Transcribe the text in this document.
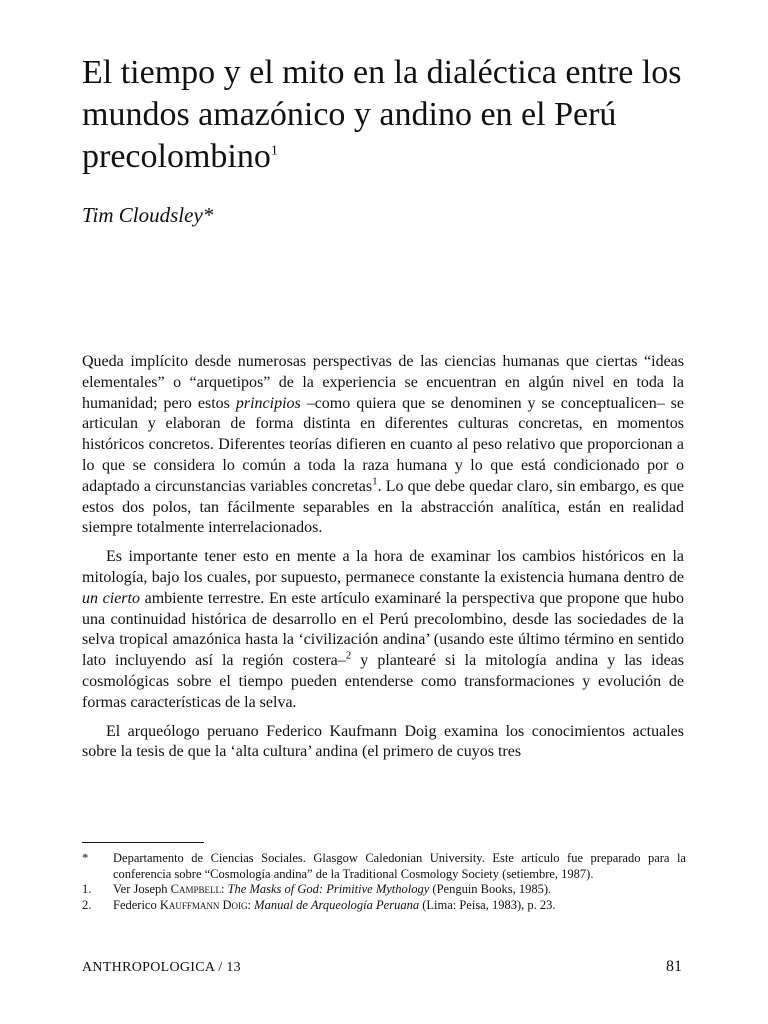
El tiempo y el mito en la dialéctica entre los mundos amazónico y andino en el Perú precolombino$^1$

Tim Cloudsley*

Queda implícito desde numerosas perspectivas de las ciencias humanas que ciertas “ideas elementales” o “arquetipos” de la experiencia se encuentran en algún nivel en toda la humanidad; pero estos principios –como quiera que se denominen y se conceptualicen– se articulan y elaboran de forma distinta en diferentes culturas concretas, en momentos históricos concretos. Diferentes teorías difieren en cuanto al peso relativo que proporcionan a lo que se considera lo común a toda la raza humana y lo que está condicionado por o adaptado a circunstancias variables concretas$^1$. Lo que debe quedar claro, sin embargo, es que estos dos polos, tan fácilmente separables en la abstracción analítica, están en realidad siempre totalmente interrelacionados.

Es importante tener esto en mente a la hora de examinar los cambios históricos en la mitología, bajo los cuales, por supuesto, permanece constante la existencia humana dentro de un cierto ambiente terrestre. En este artículo examinaré la perspectiva que propone que hubo una continuidad histórica de desarrollo en el Perú precolombino, desde las sociedades de la selva tropical amazónica hasta la ‘civilización andina’ (usando este último término en sentido lato incluyendo así la región costera–$^2$ y plantearé si la mitología andina y las ideas cosmológicas sobre el tiempo pueden entenderse como transformaciones y evolución de formas características de la selva.

El arqueólogo peruano Federico Kaufmann Doig examina los conocimientos actuales sobre la tesis de que la ‘alta cultura’ andina (el primero de cuyos tres

*	Departamento de Ciencias Sociales. Glasgow Caledonian University. Este artículo fue preparado para la conferencia sobre “Cosmología andina” de la Traditional Cosmology Society (setiembre, 1987).
1.	Ver Joseph Campbell: The Masks of God: Primitive Mythology (Penguin Books, 1985).
2.	Federico Kauffmann Doig: Manual de Arqueología Peruana (Lima: Peisa, 1983), p. 23.
ANTHROPOLOGICA / 13	81
